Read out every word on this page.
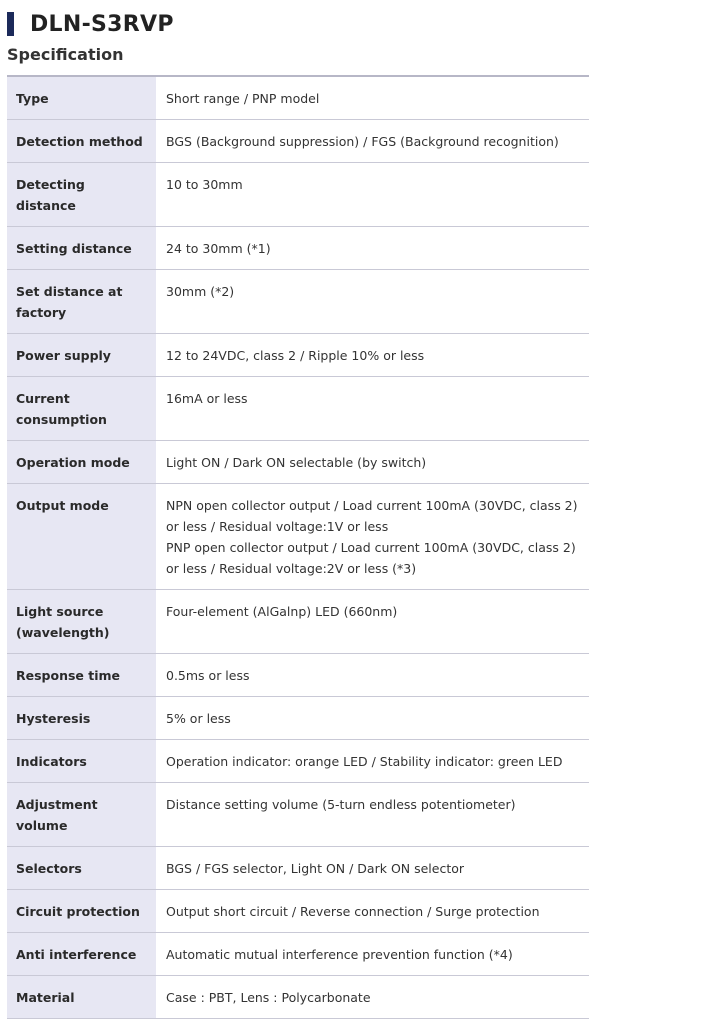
DLN-S3RVP
Specification
Type	Short range / PNP model

Detection method	BGS (Background suppression) / FGS (Background recognition)

Detecting distance	10 to 30mm

Setting distance	24 to 30mm (*1)

Set distance at factory	30mm (*2)

Power supply	12 to 24VDC, class 2 / Ripple 10% or less

Current consumption	16mA or less

Operation mode	Light ON / Dark ON selectable (by switch)

Output mode	NPN open collector output / Load current 100mA (30VDC, class 2) or less / Residual voltage:1V or less
PNP open collector output / Load current 100mA (30VDC, class 2) or less / Residual voltage:2V or less (*3)

Light source (wavelength)	Four-element (AlGalnp) LED (660nm)

Response time	0.5ms or less

Hysteresis	5% or less

Indicators	Operation indicator: orange LED / Stability indicator: green LED

Adjustment volume	Distance setting volume (5-turn endless potentiometer)

Selectors	BGS / FGS selector, Light ON / Dark ON selector

Circuit protection	Output short circuit / Reverse connection / Surge protection

Anti interference	Automatic mutual interference prevention function (*4)

Material	Case : PBT, Lens : Polycarbonate
